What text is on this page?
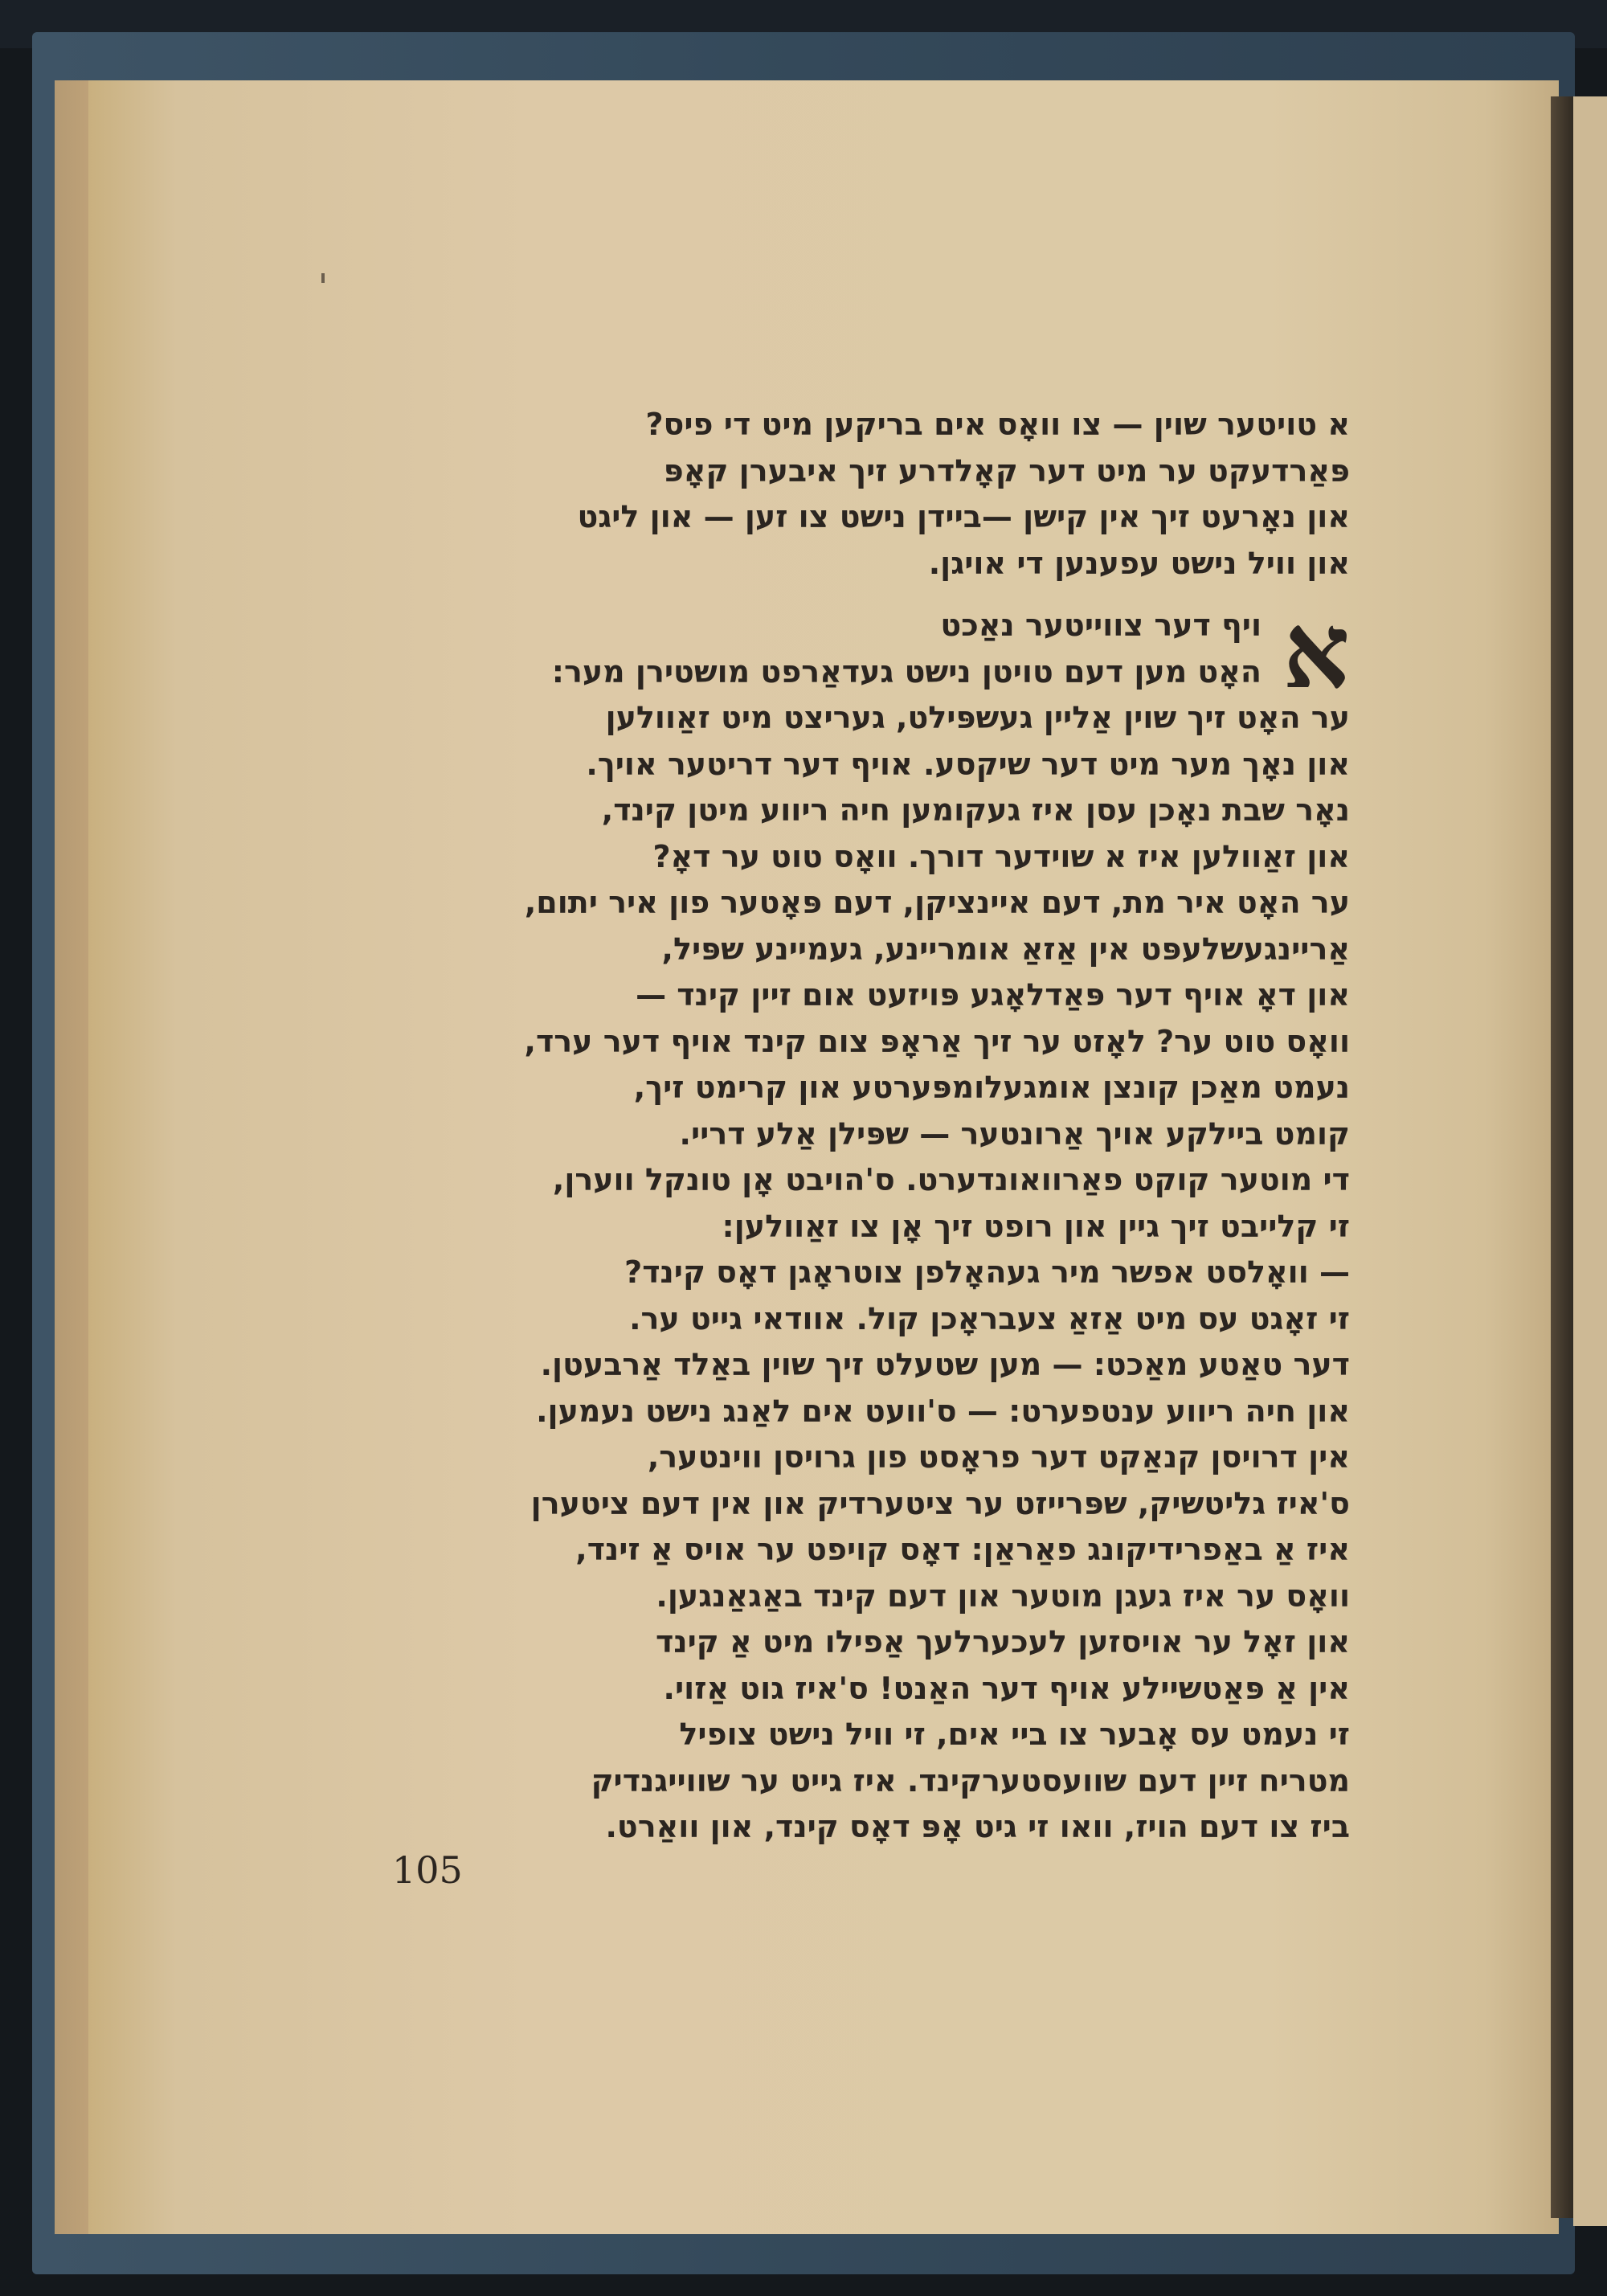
א טויטער שוין — צו וואָס אים בריקען מיט די פיס?
פּאַרדעקט ער מיט דער קאָלדרע זיך איבערן קאָפּ
און נאָרעט זיך אין קישן —ביידן נישט צו זען — און ליגט
און וויל נישט עפענען די אויגן.
א
ויף דער צווייטער נאַכט
האָט מען דעם טויטן נישט געדאַרפט מושטירן מער:
ער האָט זיך שוין אַליין געשפּילט, געריצט מיט זאַוולען
און נאָך מער מיט דער שיקסע. אויף דער דריטער אויך.
נאָר שבת נאָכן עסן איז געקומען חיה ריווע מיטן קינד,
און זאַוולען איז א שוידער דורך. וואָס טוט ער דאָ?
ער האָט איר מת, דעם איינציקן, דעם פּאָטער פון איר יתום,
אַריינגעשלעפּט אין אַזאַ אומריינע, געמיינע שפּיל,
און דאָ אויף דער פּאַדלאָגע פּויזעט אום זיין קינד —
וואָס טוט ער? לאָזט ער זיך אַראָפּ צום קינד אויף דער ערד,
נעמט מאַכן קונצן אומגעלומפּערטע און קרימט זיך,
קומט ביילקע אויך אַרונטער — שפּילן אַלע דריי.
די מוטער קוקט פאַרוואונדערט. ס'הויבט אָן טונקל ווערן,
זי קלייבט זיך גיין און רופט זיך אָן צו זאַוולען:
— וואָלסט אפשר מיר געהאָלפן צוטראָגן דאָס קינד?
זי זאָגט עס מיט אַזאַ צעבראָכן קול. אוודאי גייט ער.
דער טאַטע מאַכט: — מען שטעלט זיך שוין באַלד אַרבעטן.
און חיה ריווע ענטפערט: — ס'וועט אים לאַנג נישט נעמען.
אין דרויסן קנאַקט דער פראָסט פון גרויסן ווינטער,
ס'איז גליטשיק, שפּרייזט ער ציטערדיק און אין דעם ציטערן
איז אַ באַפרידיקונג פאַראַן: דאָס קויפט ער אויס אַ זינד,
וואָס ער איז געגן מוטער און דעם קינד באַגאַנגען.
און זאָל ער אויסזען לעכערלעך אַפילו מיט אַ קינד
אין אַ פּאַטשיילע אויף דער האַנט! ס'איז גוט אַזוי.
זי נעמט עס אָבער צו ביי אים, זי וויל נישט צופיל
מטריח זיין דעם שוועסטערקינד. איז גייט ער שווייגנדיק
ביז צו דעם הויז, וואו זי גיט אָפּ דאָס קינד, און וואַרט.
105
